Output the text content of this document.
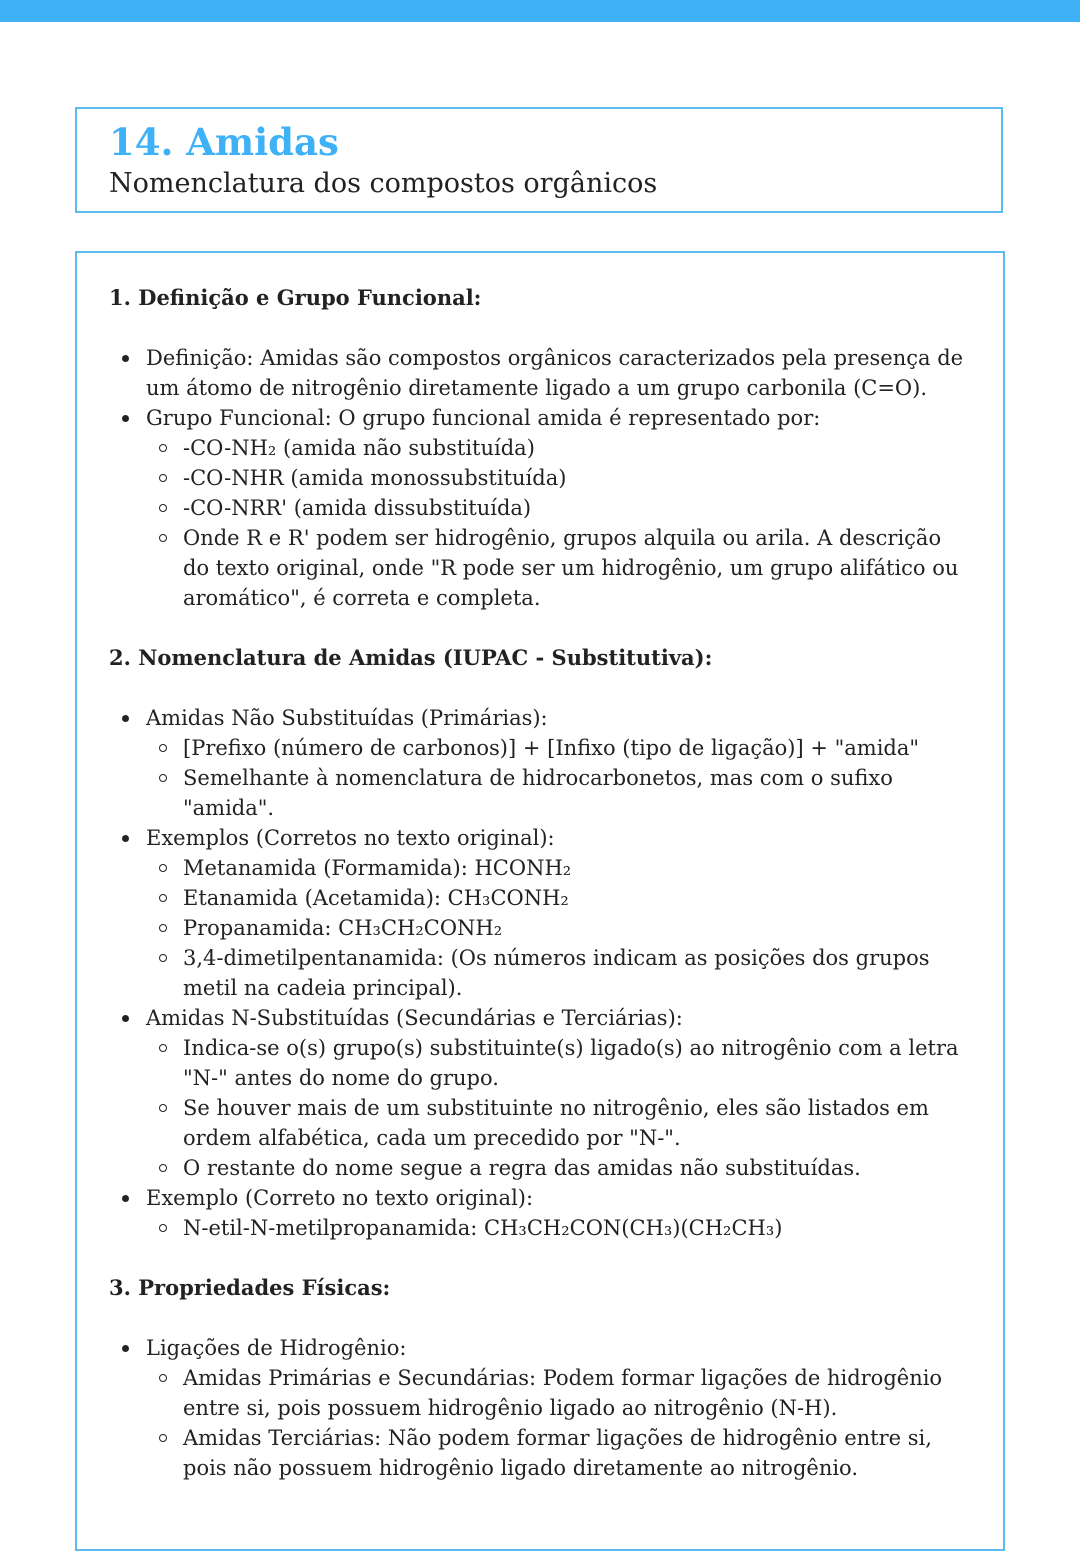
14. Amidas

Nomenclatura dos compostos orgânicos

1. Definição e Grupo Funcional:

Definição: Amidas são compostos orgânicos caracterizados pela presença de um átomo de nitrogênio diretamente ligado a um grupo carbonila (C=O).
Grupo Funcional: O grupo funcional amida é representado por:
-CO-NH₂ (amida não substituída)
-CO-NHR (amida monossubstituída)
-CO-NRR' (amida dissubstituída)
Onde R e R' podem ser hidrogênio, grupos alquila ou arila. A descrição do texto original, onde "R pode ser um hidrogênio, um grupo alifático ou aromático", é correta e completa.

2. Nomenclatura de Amidas (IUPAC - Substitutiva):

Amidas Não Substituídas (Primárias):
[Prefixo (número de carbonos)] + [Infixo (tipo de ligação)] + "amida"
Semelhante à nomenclatura de hidrocarbonetos, mas com o sufixo "amida".
Exemplos (Corretos no texto original):
Metanamida (Formamida): HCONH₂
Etanamida (Acetamida): CH₃CONH₂
Propanamida: CH₃CH₂CONH₂
3,4-dimetilpentanamida: (Os números indicam as posições dos grupos metil na cadeia principal).
Amidas N-Substituídas (Secundárias e Terciárias):
Indica-se o(s) grupo(s) substituinte(s) ligado(s) ao nitrogênio com a letra "N-" antes do nome do grupo.
Se houver mais de um substituinte no nitrogênio, eles são listados em ordem alfabética, cada um precedido por "N-".
O restante do nome segue a regra das amidas não substituídas.
Exemplo (Correto no texto original):
N-etil-N-metilpropanamida: CH₃CH₂CON(CH₃)(CH₂CH₃)

3. Propriedades Físicas:

Ligações de Hidrogênio:
Amidas Primárias e Secundárias: Podem formar ligações de hidrogênio entre si, pois possuem hidrogênio ligado ao nitrogênio (N-H).
Amidas Terciárias: Não podem formar ligações de hidrogênio entre si, pois não possuem hidrogênio ligado diretamente ao nitrogênio.
